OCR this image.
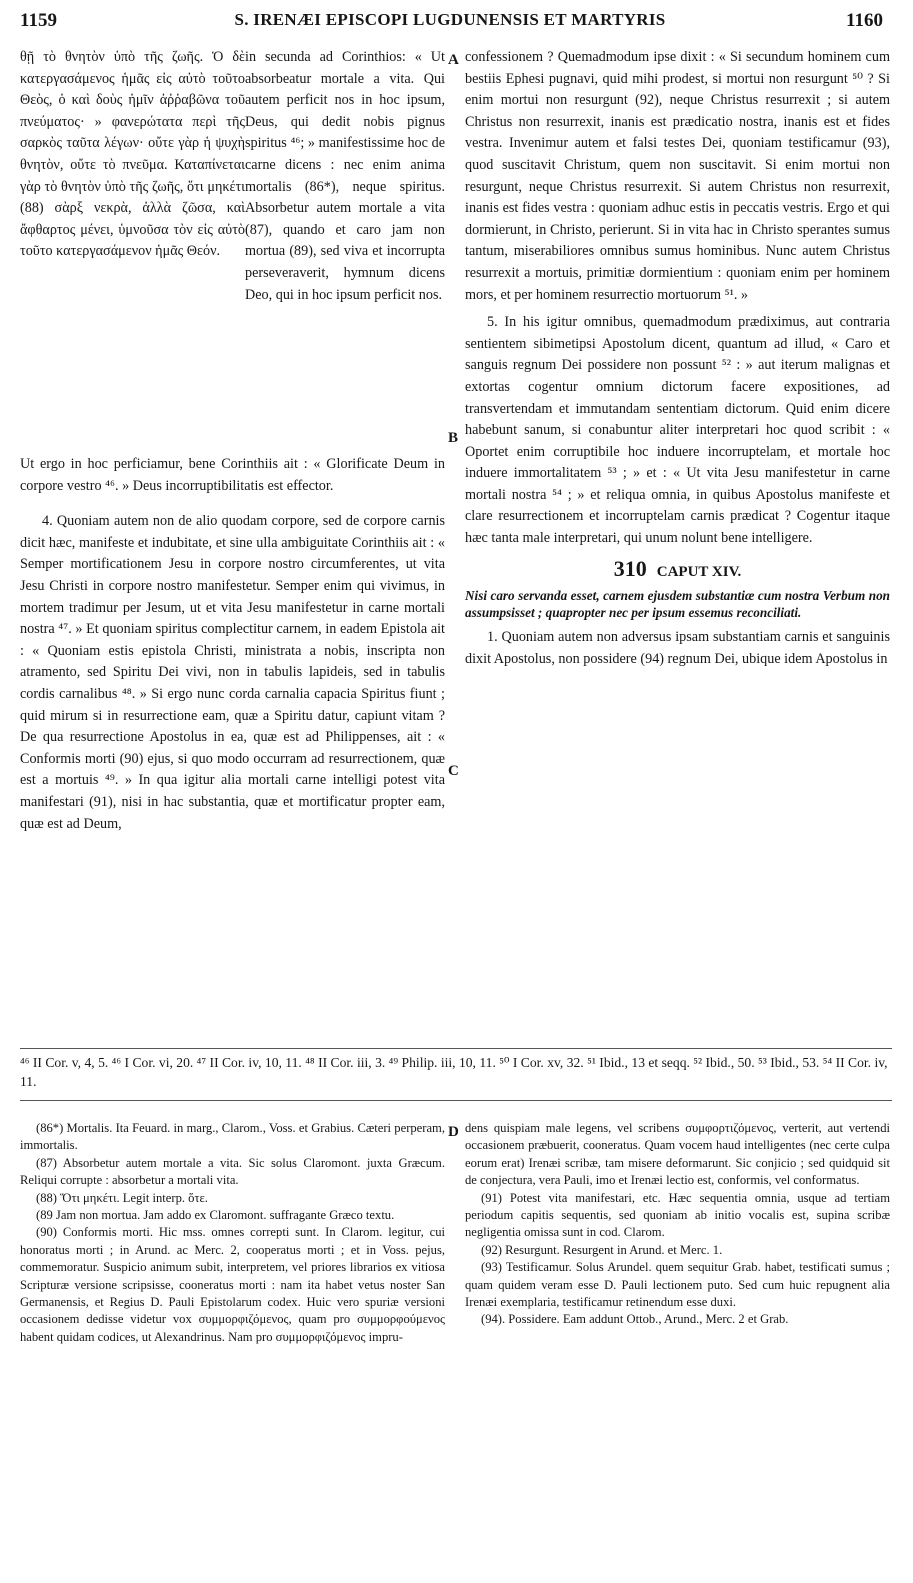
1159	S. IRENÆI EPISCOPI LUGDUNENSIS ET MARTYRIS	1160
A
B
C
D

θῇ τὸ θνητὸν ὑπὸ τῆς ζωῆς. Ὁ δὲ κατεργασάμενος ἡμᾶς εἰς αὐτὸ τοῦτο Θεὸς, ὁ καὶ δοὺς ἡμῖν ἀῤῥαβῶνα τοῦ πνεύματος· » φανερώτατα περὶ τῆς σαρκὸς ταῦτα λέγων· οὔτε γὰρ ἡ ψυχὴ θνητὸν, οὔτε τὸ πνεῦμα. Καταπίνεται γὰρ τὸ θνητὸν ὑπὸ τῆς ζωῆς, ὅτι μηκέτι (88) σὰρξ νεκρὰ, ἀλλὰ ζῶσα, καὶ ἄφθαρτος μένει, ὑμνοῦσα τὸν εἰς αὐτὸ τοῦτο κατεργασάμενον ἡμᾶς Θεόν.

in secunda ad Corinthios: « Ut absorbeatur mortale a vita. Qui autem perficit nos in hoc ipsum, Deus, qui dedit nobis pignus spiritus ⁴⁶; » manifestissime hoc de carne dicens : nec enim anima mortalis (86*), neque spiritus. Absorbetur autem mortale a vita (87), quando et caro jam non mortua (89), sed viva et incorrupta perseveraverit, hymnum dicens Deo, qui in hoc ipsum perficit nos.

Ut ergo in hoc perficiamur, bene Corinthiis ait : « Glorificate Deum in corpore vestro ⁴⁶. » Deus incorruptibilitatis est effector.

4. Quoniam autem non de alio quodam corpore, sed de corpore carnis dicit hæc, manifeste et indubitate, et sine ulla ambiguitate Corinthiis ait : « Semper mortificationem Jesu in corpore nostro circumferentes, ut vita Jesu Christi in corpore nostro manifestetur. Semper enim qui vivimus, in mortem tradimur per Jesum, ut et vita Jesu manifestetur in carne mortali nostra ⁴⁷. » Et quoniam spiritus complectitur carnem, in eadem Epistola ait : « Quoniam estis epistola Christi, ministrata a nobis, inscripta non atramento, sed Spiritu Dei vivi, non in tabulis lapideis, sed in tabulis cordis carnalibus ⁴⁸. » Si ergo nunc corda carnalia capacia Spiritus fiunt ; quid mirum si in resurrectione eam, quæ a Spiritu datur, capiunt vitam ? De qua resurrectione Apostolus in ea, quæ est ad Philippenses, ait : « Conformis morti (90) ejus, si quo modo occurram ad resurrectionem, quæ est a mortuis ⁴⁹. » In qua igitur alia mortali carne intelligi potest vita manifestari (91), nisi in hac substantia, quæ et mortificatur propter eam, quæ est ad Deum,

confessionem ? Quemadmodum ipse dixit : « Si secundum hominem cum bestiis Ephesi pugnavi, quid mihi prodest, si mortui non resurgunt ⁵⁰ ? Si enim mortui non resurgunt (92), neque Christus resurrexit ; si autem Christus non resurrexit, inanis est prædicatio nostra, inanis est et fides vestra. Invenimur autem et falsi testes Dei, quoniam testificamur (93), quod suscitavit Christum, quem non suscitavit. Si enim mortui non resurgunt, neque Christus resurrexit. Si autem Christus non resurrexit, inanis est fides vestra : quoniam adhuc estis in peccatis vestris. Ergo et qui dormierunt, in Christo, perierunt. Si in vita hac in Christo sperantes sumus tantum, miserabiliores omnibus sumus hominibus. Nunc autem Christus resurrexit a mortuis, primitiæ dormientium : quoniam enim per hominem mors, et per hominem resurrectio mortuorum ⁵¹. »

5. In his igitur omnibus, quemadmodum prædiximus, aut contraria sentientem sibimetipsi Apostolum dicent, quantum ad illud, « Caro et sanguis regnum Dei possidere non possunt ⁵² : » aut iterum malignas et extortas cogentur omnium dictorum facere expositiones, ad transvertendam et immutandam sententiam dictorum. Quid enim dicere habebunt sanum, si conabuntur aliter interpretari hoc quod scribit : « Oportet enim corruptibile hoc induere incorruptelam, et mortale hoc induere immortalitatem ⁵³ ; » et : « Ut vita Jesu manifestetur in carne mortali nostra ⁵⁴ ; » et reliqua omnia, in quibus Apostolus manifeste et clare resurrectionem et incorruptelam carnis prædicat ? Cogentur itaque hæc tanta male interpretari, qui unum nolunt bene intelligere.

310 CAPUT XIV.
Nisi caro servanda esset, carnem ejusdem substantiæ cum nostra Verbum non assumpsisset ; quapropter nec per ipsum essemus reconciliati.

1. Quoniam autem non adversus ipsam substantiam carnis et sanguinis dixit Apostolus, non possidere (94) regnum Dei, ubique idem Apostolus in

⁴⁶ II Cor. v, 4, 5. ⁴⁶ I Cor. vi, 20. ⁴⁷ II Cor. iv, 10, 11. ⁴⁸ II Cor. iii, 3. ⁴⁹ Philip. iii, 10, 11. ⁵⁰ I Cor. xv, 32. ⁵¹ Ibid., 13 et seqq. ⁵² Ibid., 50. ⁵³ Ibid., 53. ⁵⁴ II Cor. iv, 11.

(86*) Mortalis. Ita Feuard. in marg., Clarom., Voss. et Grabius. Cæteri perperam, immortalis.

(87) Absorbetur autem mortale a vita. Sic solus Claromont. juxta Græcum. Reliqui corrupte : absorbetur a mortali vita.

(88) Ὅτι μηκέτι. Legit interp. ὅτε.

(89 Jam non mortua. Jam addo ex Claromont. suffragante Græco textu.

(90) Conformis morti. Hic mss. omnes correpti sunt. In Clarom. legitur, cui honoratus morti ; in Arund. ac Merc. 2, cooperatus morti ; et in Voss. pejus, commemoratur. Suspicio animum subit, interpretem, vel priores librarios ex vitiosa Scripturæ versione scripsisse, cooneratus morti : nam ita habet vetus noster San Germanensis, et Regius D. Pauli Epistolarum codex. Huic vero spuriæ versioni occasionem dedisse videtur vox συμμορφιζόμενος, quam pro συμμορφούμενος habent quidam codices, ut Alexandrinus. Nam pro συμμορφιζόμενος impru-

dens quispiam male legens, vel scribens συμφορτιζόμενος, verterit, aut vertendi occasionem præbuerit, cooneratus. Quam vocem haud intelligentes (nec certe culpa eorum erat) Irenæi scribæ, tam misere deformarunt. Sic conjicio ; sed quidquid sit de conjectura, vera Pauli, imo et Irenæi lectio est, conformis, vel conformatus.

(91) Potest vita manifestari, etc. Hæc sequentia omnia, usque ad tertiam periodum capitis sequentis, sed quoniam ab initio vocalis est, supina scribæ negligentia omissa sunt in cod. Clarom.

(92) Resurgunt. Resurgent in Arund. et Merc. 1.

(93) Testificamur. Solus Arundel. quem sequitur Grab. habet, testificati sumus ; quam quidem veram esse D. Pauli lectionem puto. Sed cum huic repugnent alia Irenæi exemplaria, testificamur retinendum esse duxi.

(94). Possidere. Eam addunt Ottob., Arund., Merc. 2 et Grab.
